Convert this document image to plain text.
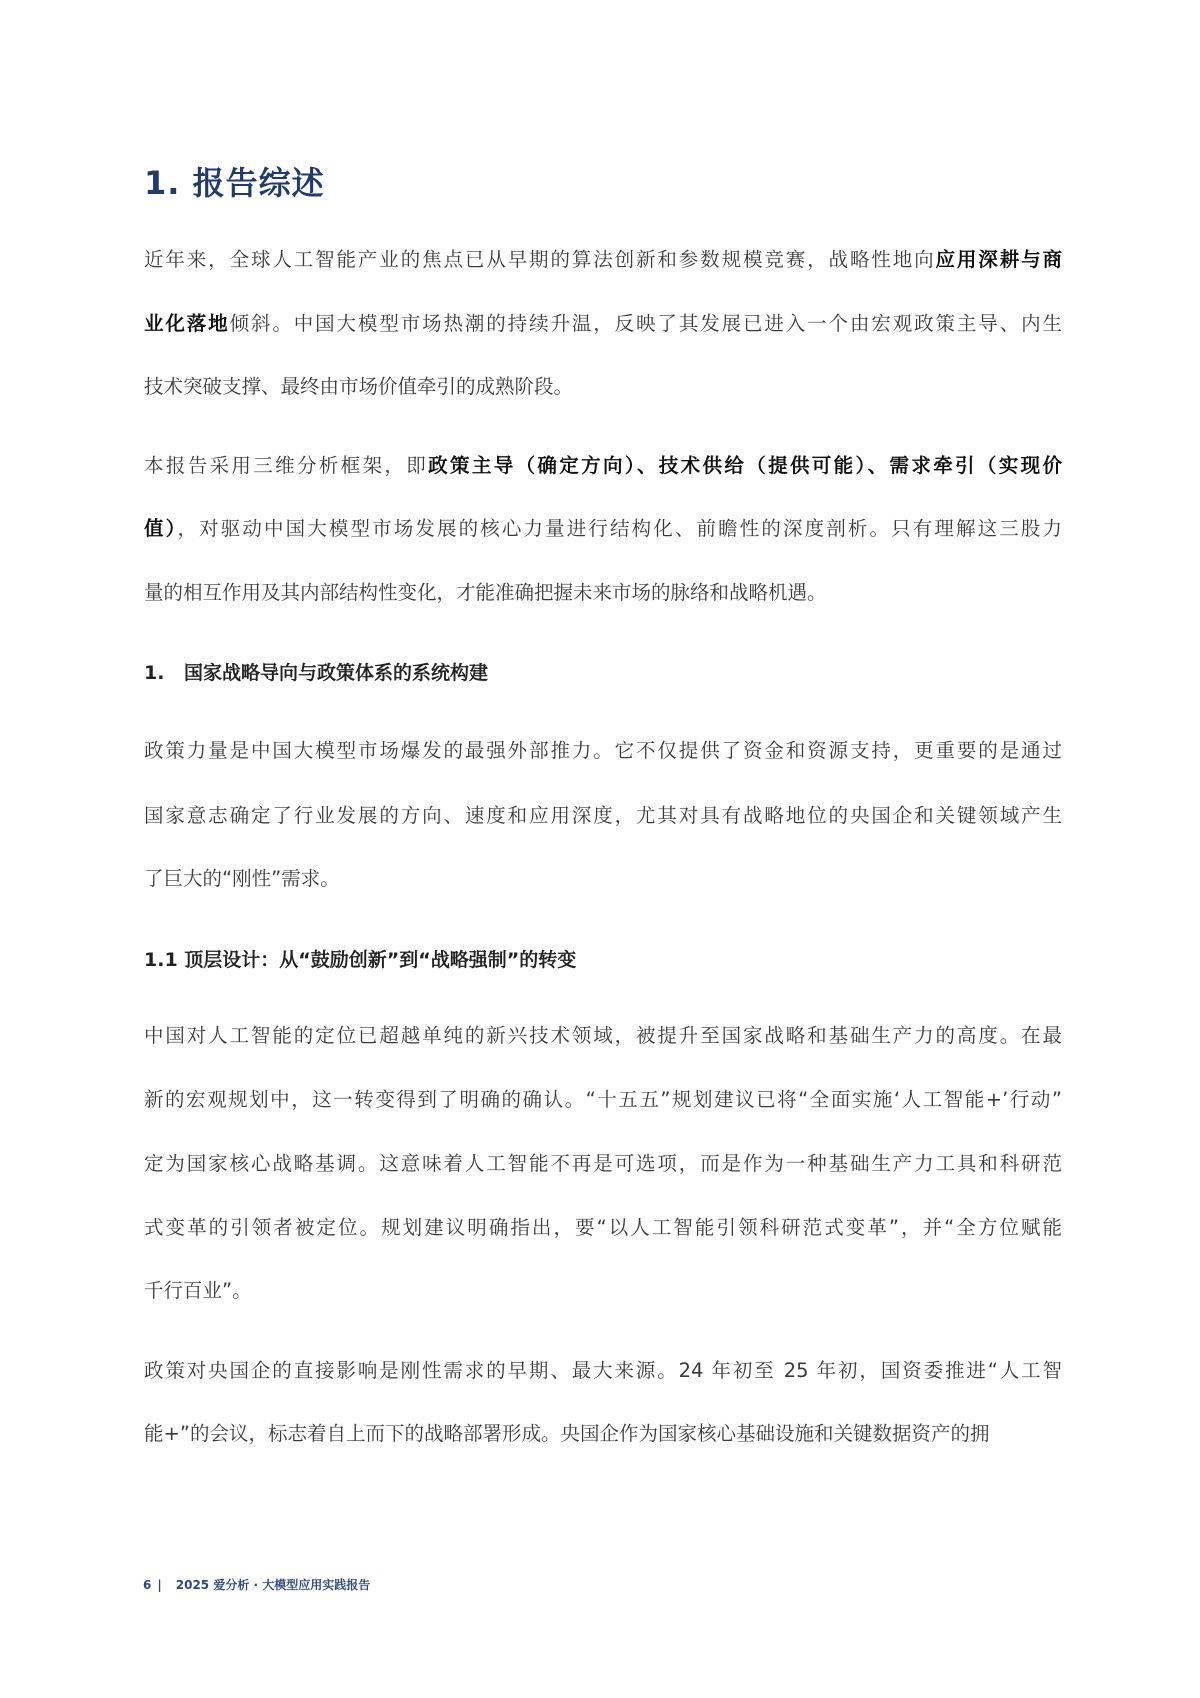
1. 报告综述
近年来，全球人工智能产业的焦点已从早期的算法创新和参数规模竞赛，战略性地向应用深耕与商
业化落地倾斜。中国大模型市场热潮的持续升温，反映了其发展已进入一个由宏观政策主导、内生
技术突破支撑、最终由市场价值牵引的成熟阶段。
本报告采用三维分析框架，即政策主导（确定方向）、技术供给（提供可能）、需求牵引（实现价
值），对驱动中国大模型市场发展的核心力量进行结构化、前瞻性的深度剖析。只有理解这三股力
量的相互作用及其内部结构性变化，才能准确把握未来市场的脉络和战略机遇。
1. 国家战略导向与政策体系的系统构建
政策力量是中国大模型市场爆发的最强外部推力。它不仅提供了资金和资源支持，更重要的是通过
国家意志确定了行业发展的方向、速度和应用深度，尤其对具有战略地位的央国企和关键领域产生
了巨大的“刚性”需求。
1.1 顶层设计：从“鼓励创新”到“战略强制”的转变
中国对人工智能的定位已超越单纯的新兴技术领域，被提升至国家战略和基础生产力的高度。在最
新的宏观规划中，这一转变得到了明确的确认。“十五五”规划建议已将“全面实施‘人工智能+’行动”
定为国家核心战略基调。这意味着人工智能不再是可选项，而是作为一种基础生产力工具和科研范
式变革的引领者被定位。规划建议明确指出，要“以人工智能引领科研范式变革”，并“全方位赋能
千行百业”。
政策对央国企的直接影响是刚性需求的早期、最大来源。24 年初至 25 年初，国资委推进“人工智
能+”的会议，标志着自上而下的战略部署形成。央国企作为国家核心基础设施和关键数据资产的拥
6 | 2025 爱分析 · 大模型应用实践报告
